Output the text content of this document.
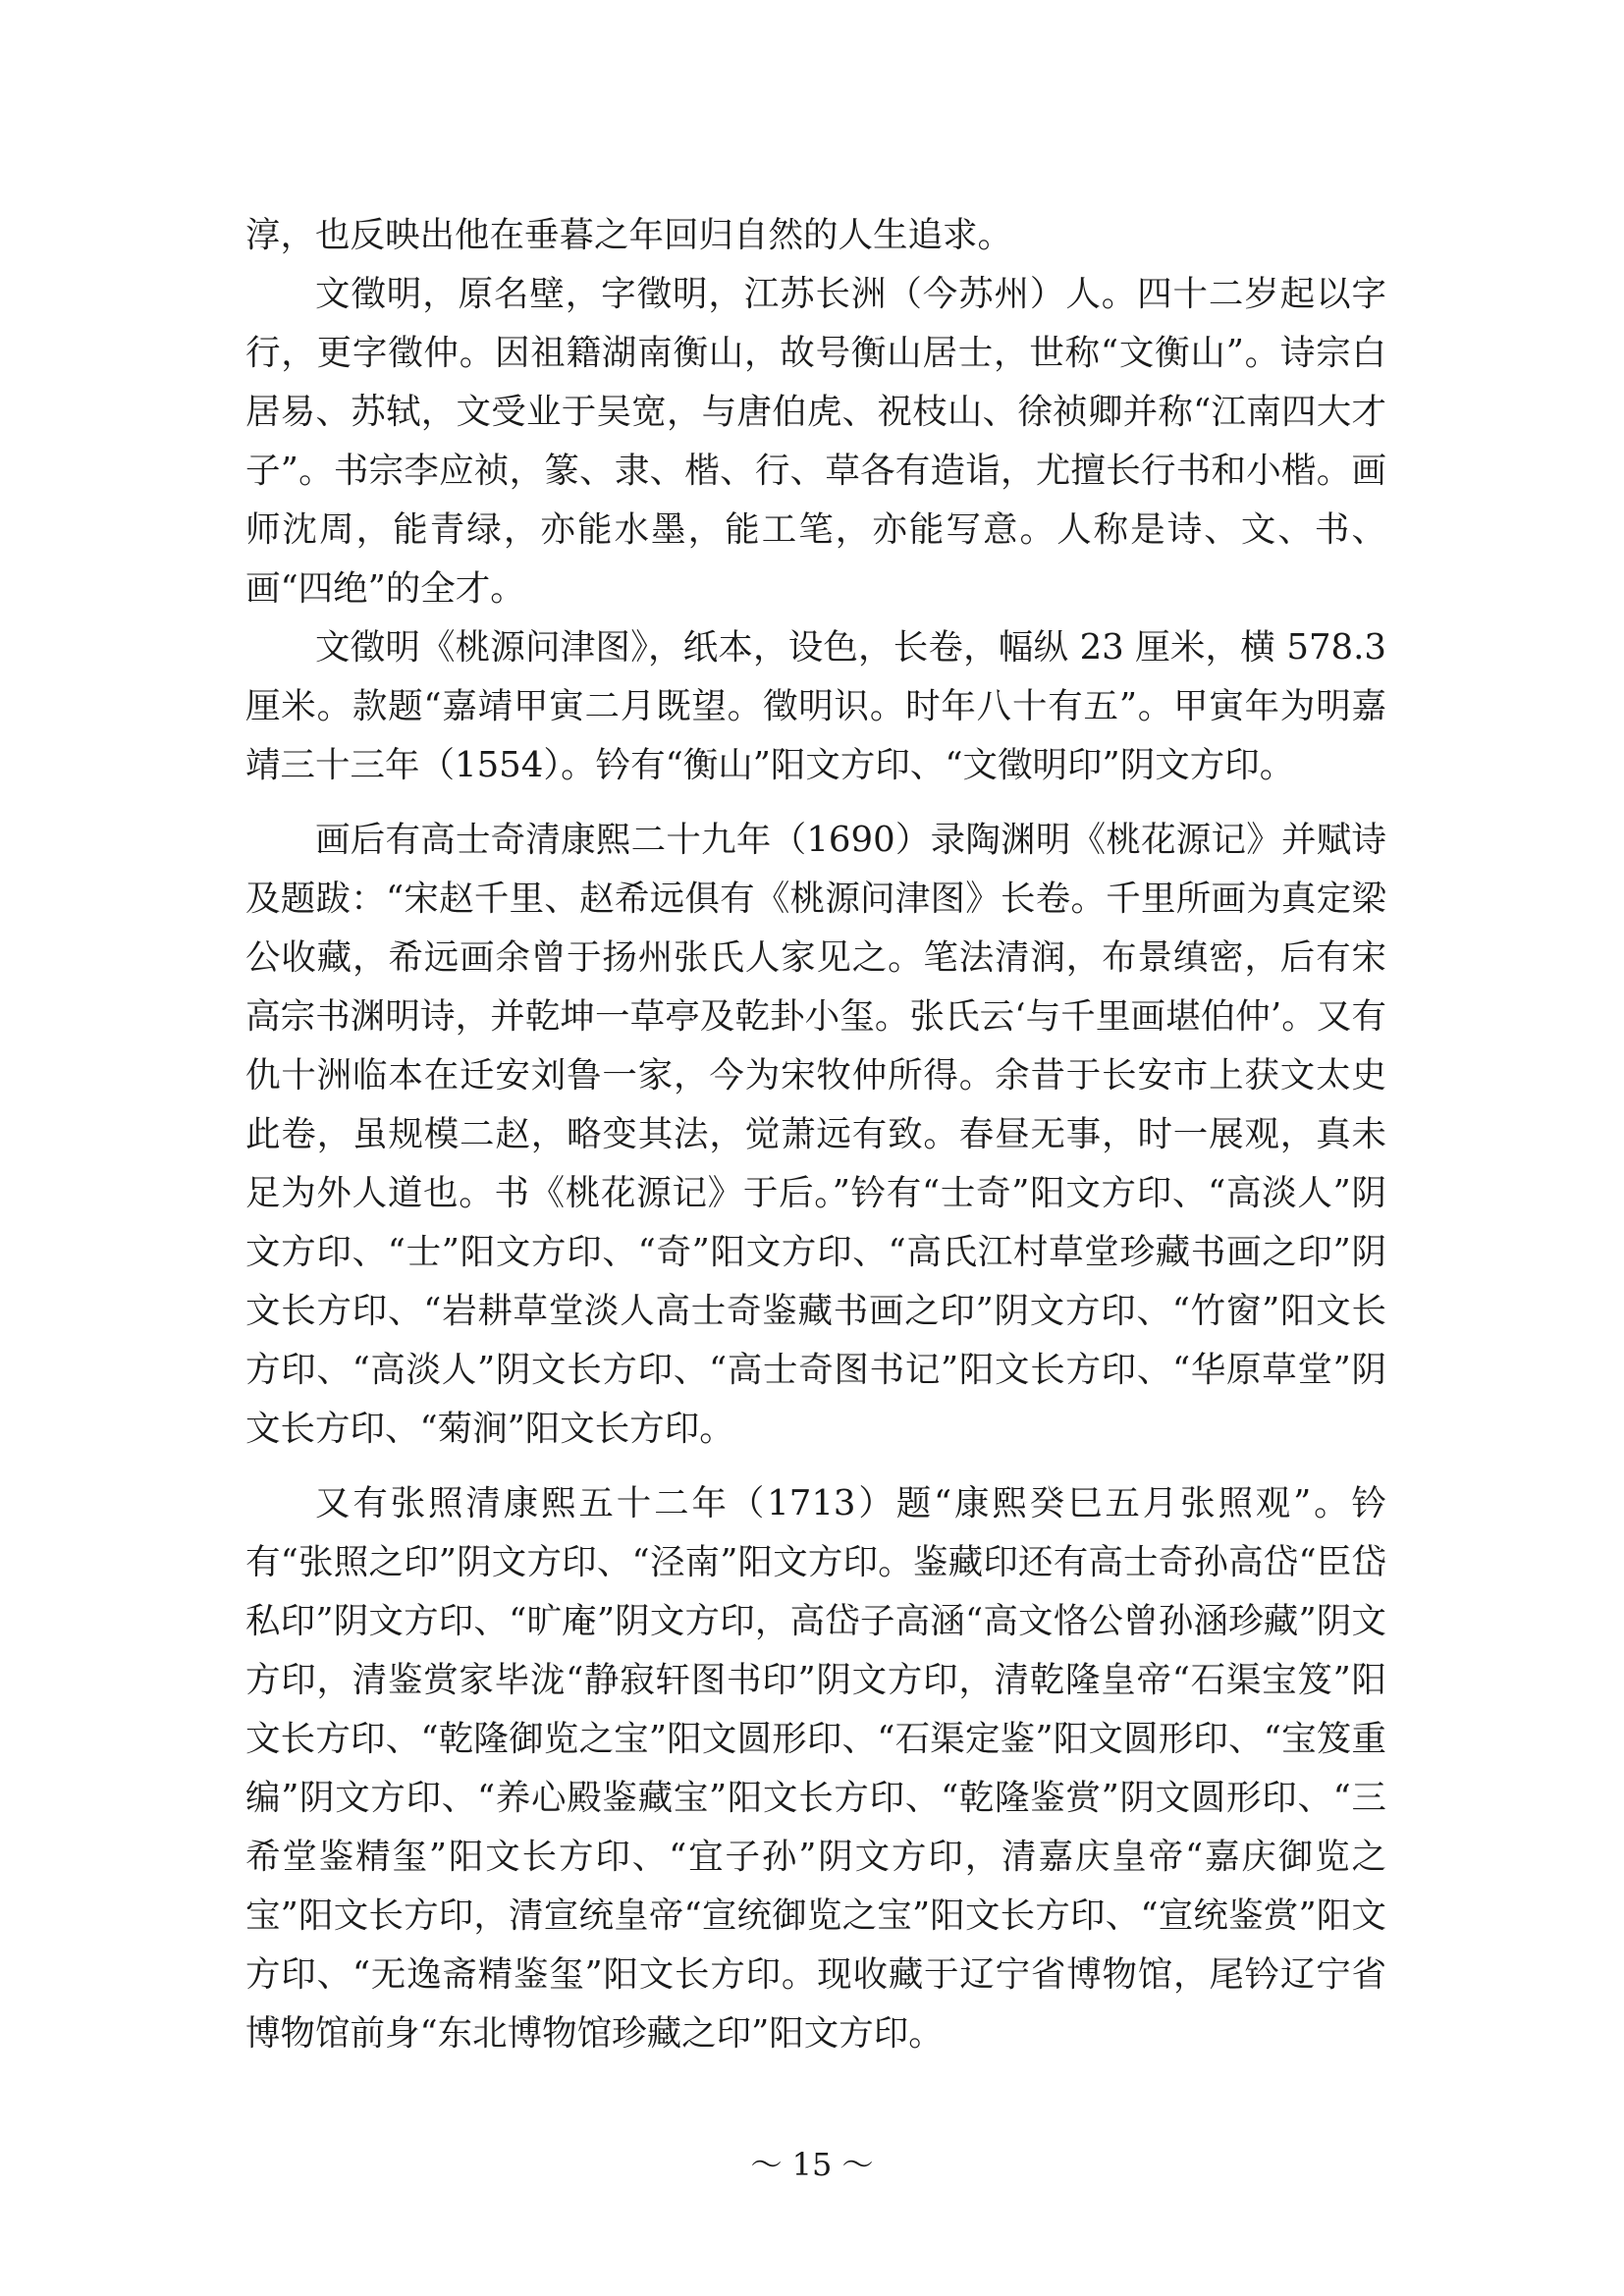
淳，也反映出他在垂暮之年回归自然的人生追求。

文徵明，原名壁，字徵明，江苏长洲（今苏州）人。四十二岁起以字行，更字徵仲。因祖籍湖南衡山，故号衡山居士，世称“文衡山”。诗宗白居易、苏轼，文受业于吴宽，与唐伯虎、祝枝山、徐祯卿并称“江南四大才子”。书宗李应祯，篆、隶、楷、行、草各有造诣，尤擅长行书和小楷。画师沈周，能青绿，亦能水墨，能工笔，亦能写意。人称是诗、文、书、画“四绝”的全才。

文徵明《桃源问津图》，纸本，设色，长卷，幅纵 23 厘米，横 578.3 厘米。款题“嘉靖甲寅二月既望。徵明识。时年八十有五”。甲寅年为明嘉靖三十三年（1554）。钤有“衡山”阳文方印、“文徵明印”阴文方印。

画后有高士奇清康熙二十九年（1690）录陶渊明《桃花源记》并赋诗及题跋：“宋赵千里、赵希远俱有《桃源问津图》长卷。千里所画为真定梁公收藏，希远画余曾于扬州张氏人家见之。笔法清润，布景缜密，后有宋高宗书渊明诗，并乾坤一草亭及乾卦小玺。张氏云‘与千里画堪伯仲’。又有仇十洲临本在迁安刘鲁一家，今为宋牧仲所得。余昔于长安市上获文太史此卷，虽规模二赵，略变其法，觉萧远有致。春昼无事，时一展观，真未足为外人道也。书《桃花源记》于后。”钤有“士奇”阳文方印、“高淡人”阴文方印、“士”阳文方印、“奇”阳文方印、“高氏江村草堂珍藏书画之印”阴文长方印、“岩耕草堂淡人高士奇鉴藏书画之印”阴文方印、“竹窗”阳文长方印、“高淡人”阴文长方印、“高士奇图书记”阳文长方印、“华原草堂”阴文长方印、“菊涧”阳文长方印。

又有张照清康熙五十二年（1713）题“康熙癸巳五月张照观”。钤有“张照之印”阴文方印、“泾南”阳文方印。鉴藏印还有高士奇孙高岱“臣岱私印”阴文方印、“旷庵”阴文方印，高岱子高涵“高文恪公曾孙涵珍藏”阴文方印，清鉴赏家毕泷“静寂轩图书印”阴文方印，清乾隆皇帝“石渠宝笈”阳文长方印、“乾隆御览之宝”阳文圆形印、“石渠定鉴”阳文圆形印、“宝笈重编”阴文方印、“养心殿鉴藏宝”阳文长方印、“乾隆鉴赏”阴文圆形印、“三希堂鉴精玺”阳文长方印、“宜子孙”阴文方印，清嘉庆皇帝“嘉庆御览之宝”阳文长方印，清宣统皇帝“宣统御览之宝”阳文长方印、“宣统鉴赏”阳文方印、“无逸斋精鉴玺”阳文长方印。现收藏于辽宁省博物馆，尾钤辽宁省博物馆前身“东北博物馆珍藏之印”阳文方印。

～ 15 ～
